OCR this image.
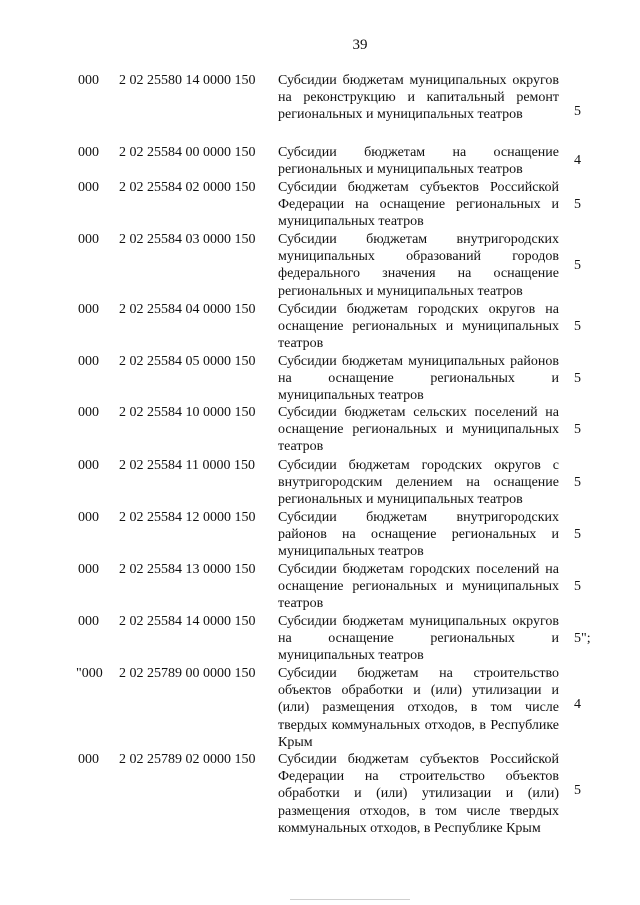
39
000 2 02 25580 14 0000 150 Субсидии бюджетам муниципальных округов на реконструкцию и капитальный ремонт региональных и муниципальных театров	5
000 2 02 25584 00 0000 150 Субсидии бюджетам на оснащение региональных и муниципальных театров
4
000 2 02 25584 02 0000 150 Субсидии бюджетам субъектов Российской Федерации на оснащение региональных и муниципальных театров
5
000 2 02 25584 03 0000 150 Субсидии бюджетам внутригородских муниципальных образований городов федерального значения на оснащение региональных и муниципальных театров
5
000 2 02 25584 04 0000 150 Субсидии бюджетам городских округов на оснащение региональных и муниципальных театров
5
000 2 02 25584 05 0000 150 Субсидии бюджетам муниципальных районов на оснащение региональных и муниципальных театров
5
000 2 02 25584 10 0000 150 Субсидии бюджетам сельских поселений на оснащение региональных и муниципальных театров
5
000 2 02 25584 11 0000 150 Субсидии бюджетам городских округов с внутригородским делением на оснащение региональных и муниципальных театров
5
000 2 02 25584 12 0000 150 Субсидии бюджетам внутригородских районов на оснащение региональных и муниципальных театров
5
000 2 02 25584 13 0000 150 Субсидии бюджетам городских поселений на оснащение региональных и муниципальных театров
5
000 2 02 25584 14 0000 150 Субсидии бюджетам муниципальных округов на оснащение региональных и муниципальных театров
5";
"000 2 02 25789 00 0000 150 Субсидии бюджетам на строительство объектов обработки и (или) утилизации и (или) размещения отходов, в том числе твердых коммунальных отходов, в Республике Крым
4
000 2 02 25789 02 0000 150 Субсидии бюджетам субъектов Российской Федерации на строительство объектов обработки и (или) утилизации и (или) размещения отходов, в том числе твердых коммунальных отходов, в Республике Крым
5
